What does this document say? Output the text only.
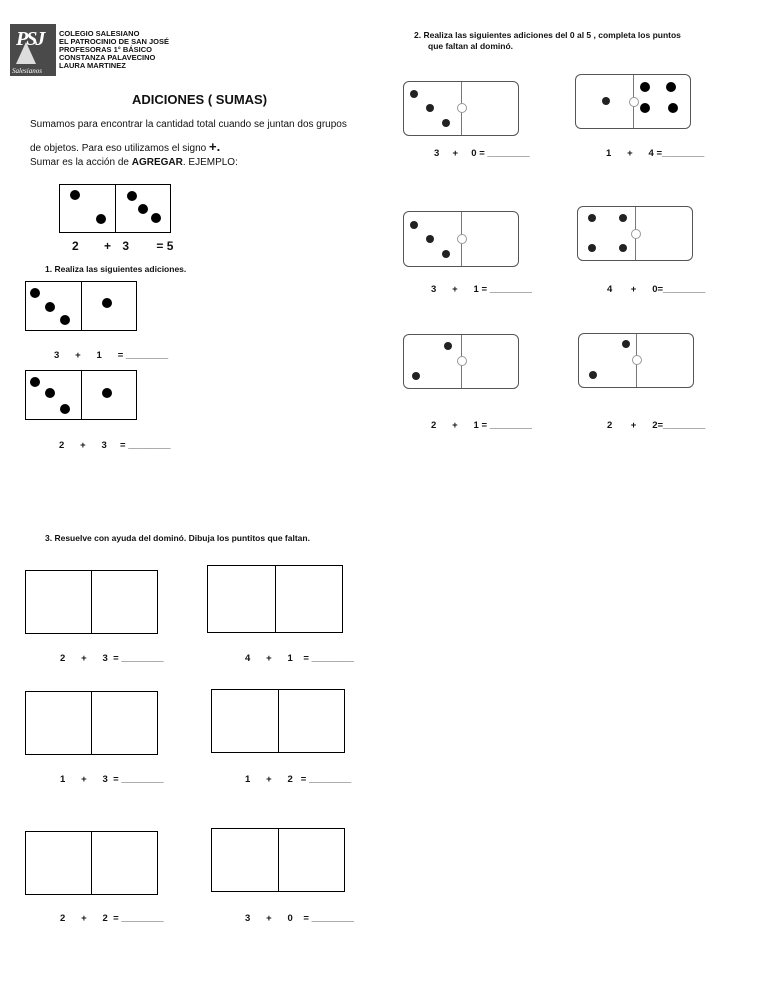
PSJ
Salesianos
COLEGIO SALESIANO
EL PATROCINIO DE SAN JOSÉ
PROFESORAS 1° BÁSICO
CONSTANZA PALAVECINO
LAURA MARTINEZ
ADICIONES ( SUMAS)
Sumamos para encontrar la cantidad total cuando se juntan dos grupos
de objetos. Para eso utilizamos el signo +.
Sumar es la acción de AGREGAR. EJEMPLO:
2 + 3 = 5
1. Realiza las siguientes adiciones.
3 + 1 = ________
2 + 3 = ________
2. Realiza las siguientes adiciones del 0 al 5 , completa los puntos
que faltan al dominó.
3 + 0 = ________	1 + 4 =________
3 + 1 = ________	4 + 0=________
2 + 1 = ________	2 + 2=________
3. Resuelve con ayuda del dominó. Dibuja los puntitos que faltan.
2 + 3 = ________	4 + 1 = ________
1 + 3 = ________	1 + 2 = ________
2 + 2 = ________	3 + 0 = ________
